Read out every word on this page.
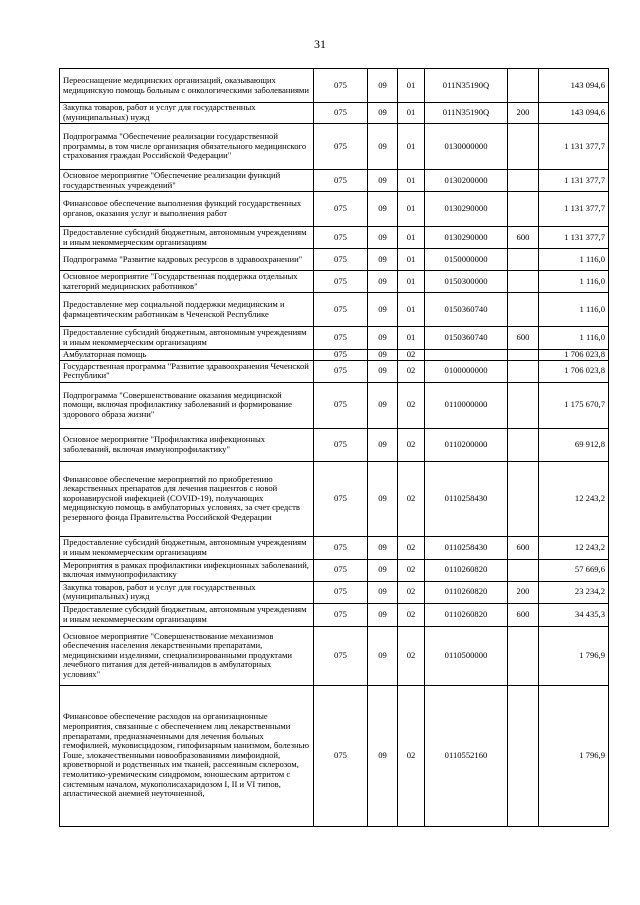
31
Переоснащение медицинских организаций, оказывающих медицинскую помощь больным с онкологическими заболеваниями	075	09	01	011N35190Q		143 094,6
Закупка товаров, работ и услуг для государственных (муниципальных) нужд	075	09	01	011N35190Q	200	143 094,6
Подпрограмма "Обеспечение реализации государственной программы, в том числе организация обязательного медицинского страхования граждан Российской Федерации"	075	09	01	0130000000		1 131 377,7
Основное мероприятие "Обеспечение реализации функций государственных учреждений"	075	09	01	0130200000		1 131 377,7
Финансовое обеспечение выполнения функций государственных органов, оказания услуг и выполнения работ	075	09	01	0130290000		1 131 377,7
Предоставление субсидий бюджетным, автономным учреждениям и иным некоммерческим организациям	075	09	01	0130290000	600	1 131 377,7
Подпрограмма "Развитие кадровых ресурсов в здравоохранении"	075	09	01	0150000000		1 116,0
Основное мероприятие "Государственная поддержка отдельных категорий медицинских работников"	075	09	01	0150300000		1 116,0
Предоставление мер социальной поддержки медицинским и фармацевтическим работникам в Чеченской Республике	075	09	01	0150360740		1 116,0
Предоставление субсидий бюджетным, автономным учреждениям и иным некоммерческим организациям	075	09	01	0150360740	600	1 116,0
Амбулаторная помощь	075	09	02			1 706 023,8
Государственная программа "Развитие здравоохранения Чеченской Республики"	075	09	02	0100000000		1 706 023,8
Подпрограмма "Совершенствование оказания медицинской помощи, включая профилактику заболеваний и формирование здорового образа жизни"	075	09	02	0110000000		1 175 670,7
Основное мероприятие "Профилактика инфекционных заболеваний, включая иммунопрофилактику"	075	09	02	0110200000		69 912,8
Финансовое обеспечение мероприятий по приобретению лекарственных препаратов для лечения пациентов с новой коронавирусной инфекцией (COVID-19), получающих медицинскую помощь в амбулаторных условиях, за счет средств резервного фонда Правительства Российской Федерации	075	09	02	0110258430		12 243,2
Предоставление субсидий бюджетным, автономным учреждениям и иным некоммерческим организациям	075	09	02	0110258430	600	12 243,2
Мероприятия в рамках профилактики инфекционных заболеваний, включая иммунопрофилактику	075	09	02	0110260820		57 669,6
Закупка товаров, работ и услуг для государственных (муниципальных) нужд	075	09	02	0110260820	200	23 234,2
Предоставление субсидий бюджетным, автономным учреждениям и иным некоммерческим организациям	075	09	02	0110260820	600	34 435,3
Основное мероприятие "Совершенствование механизмов обеспечения населения лекарственными препаратами, медицинскими изделиями, специализированными продуктами лечебного питания для детей-инвалидов в амбулаторных условиях"	075	09	02	0110500000		1 796,9
Финансовое обеспечение расходов на организационные мероприятия, связанные с обеспечением лиц лекарственными препаратами, предназначенными для лечения больных гемофилией, муковисцидозом, гипофизарным нанизмом, болезнью Гоше, злокачественными новообразованиями лимфоидной, кроветворной и родственных им тканей, рассеянным склерозом, гемолитико-уремическим синдромом, юношеским артритом с системным началом, мукополисахаридозом I, II и VI типов, апластической анемией неуточненной,	075	09	02	0110552160		1 796,9
